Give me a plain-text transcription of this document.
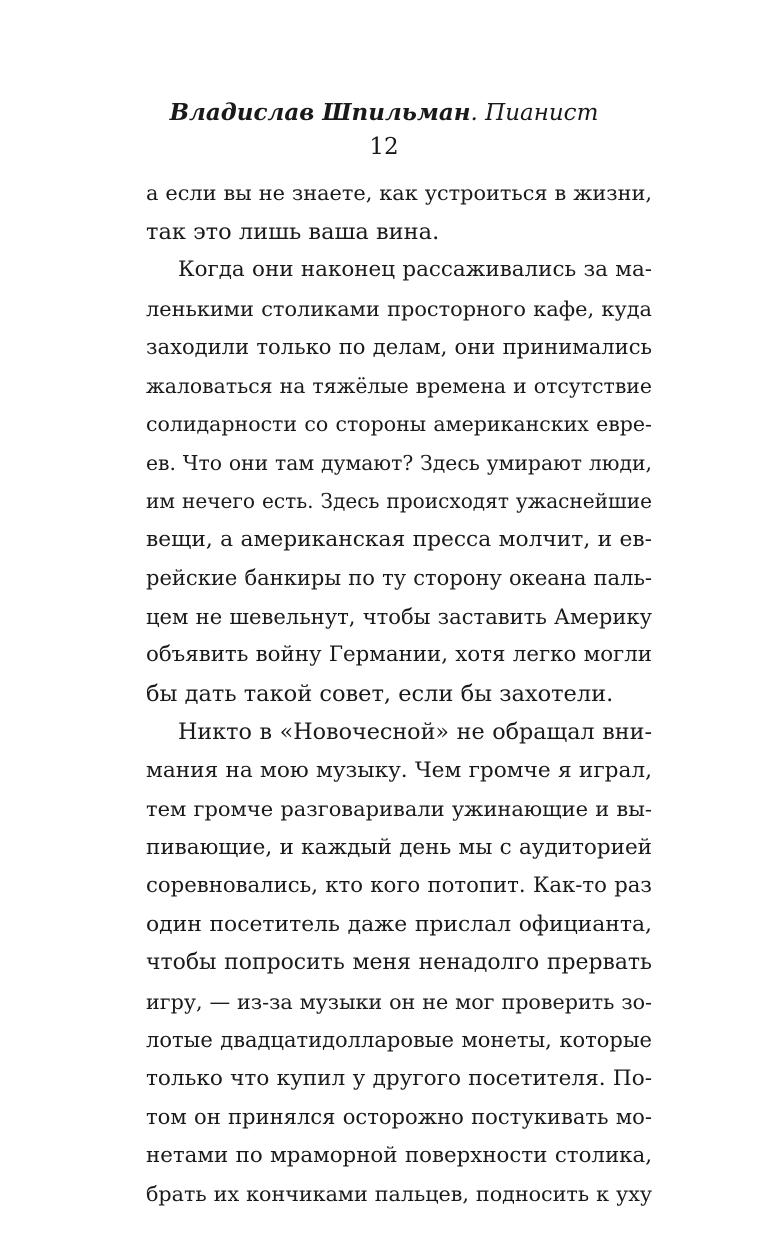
Владислав Шпильман. Пианист
12
а если вы не знаете, как устроиться в жизни,
так это лишь ваша вина.
Когда они наконец рассаживались за ма-
ленькими столиками просторного кафе, куда
заходили только по делам, они принимались
жаловаться на тяжёлые времена и отсутствие
солидарности со стороны американских евре-
ев. Что они там думают? Здесь умирают люди,
им нечего есть. Здесь происходят ужаснейшие
вещи, а американская пресса молчит, и ев-
рейские банкиры по ту сторону океана паль-
цем не шевельнут, чтобы заставить Америку
объявить войну Германии, хотя легко могли
бы дать такой совет, если бы захотели.
Никто в «Новочесной» не обращал вни-
мания на мою музыку. Чем громче я играл,
тем громче разговаривали ужинающие и вы-
пивающие, и каждый день мы с аудиторией
соревновались, кто кого потопит. Как-то раз
один посетитель даже прислал официанта,
чтобы попросить меня ненадолго прервать
игру, — из-за музыки он не мог проверить зо-
лотые двадцатидолларовые монеты, которые
только что купил у другого посетителя. По-
том он принялся осторожно постукивать мо-
нетами по мраморной поверхности столика,
брать их кончиками пальцев, подносить к уху
